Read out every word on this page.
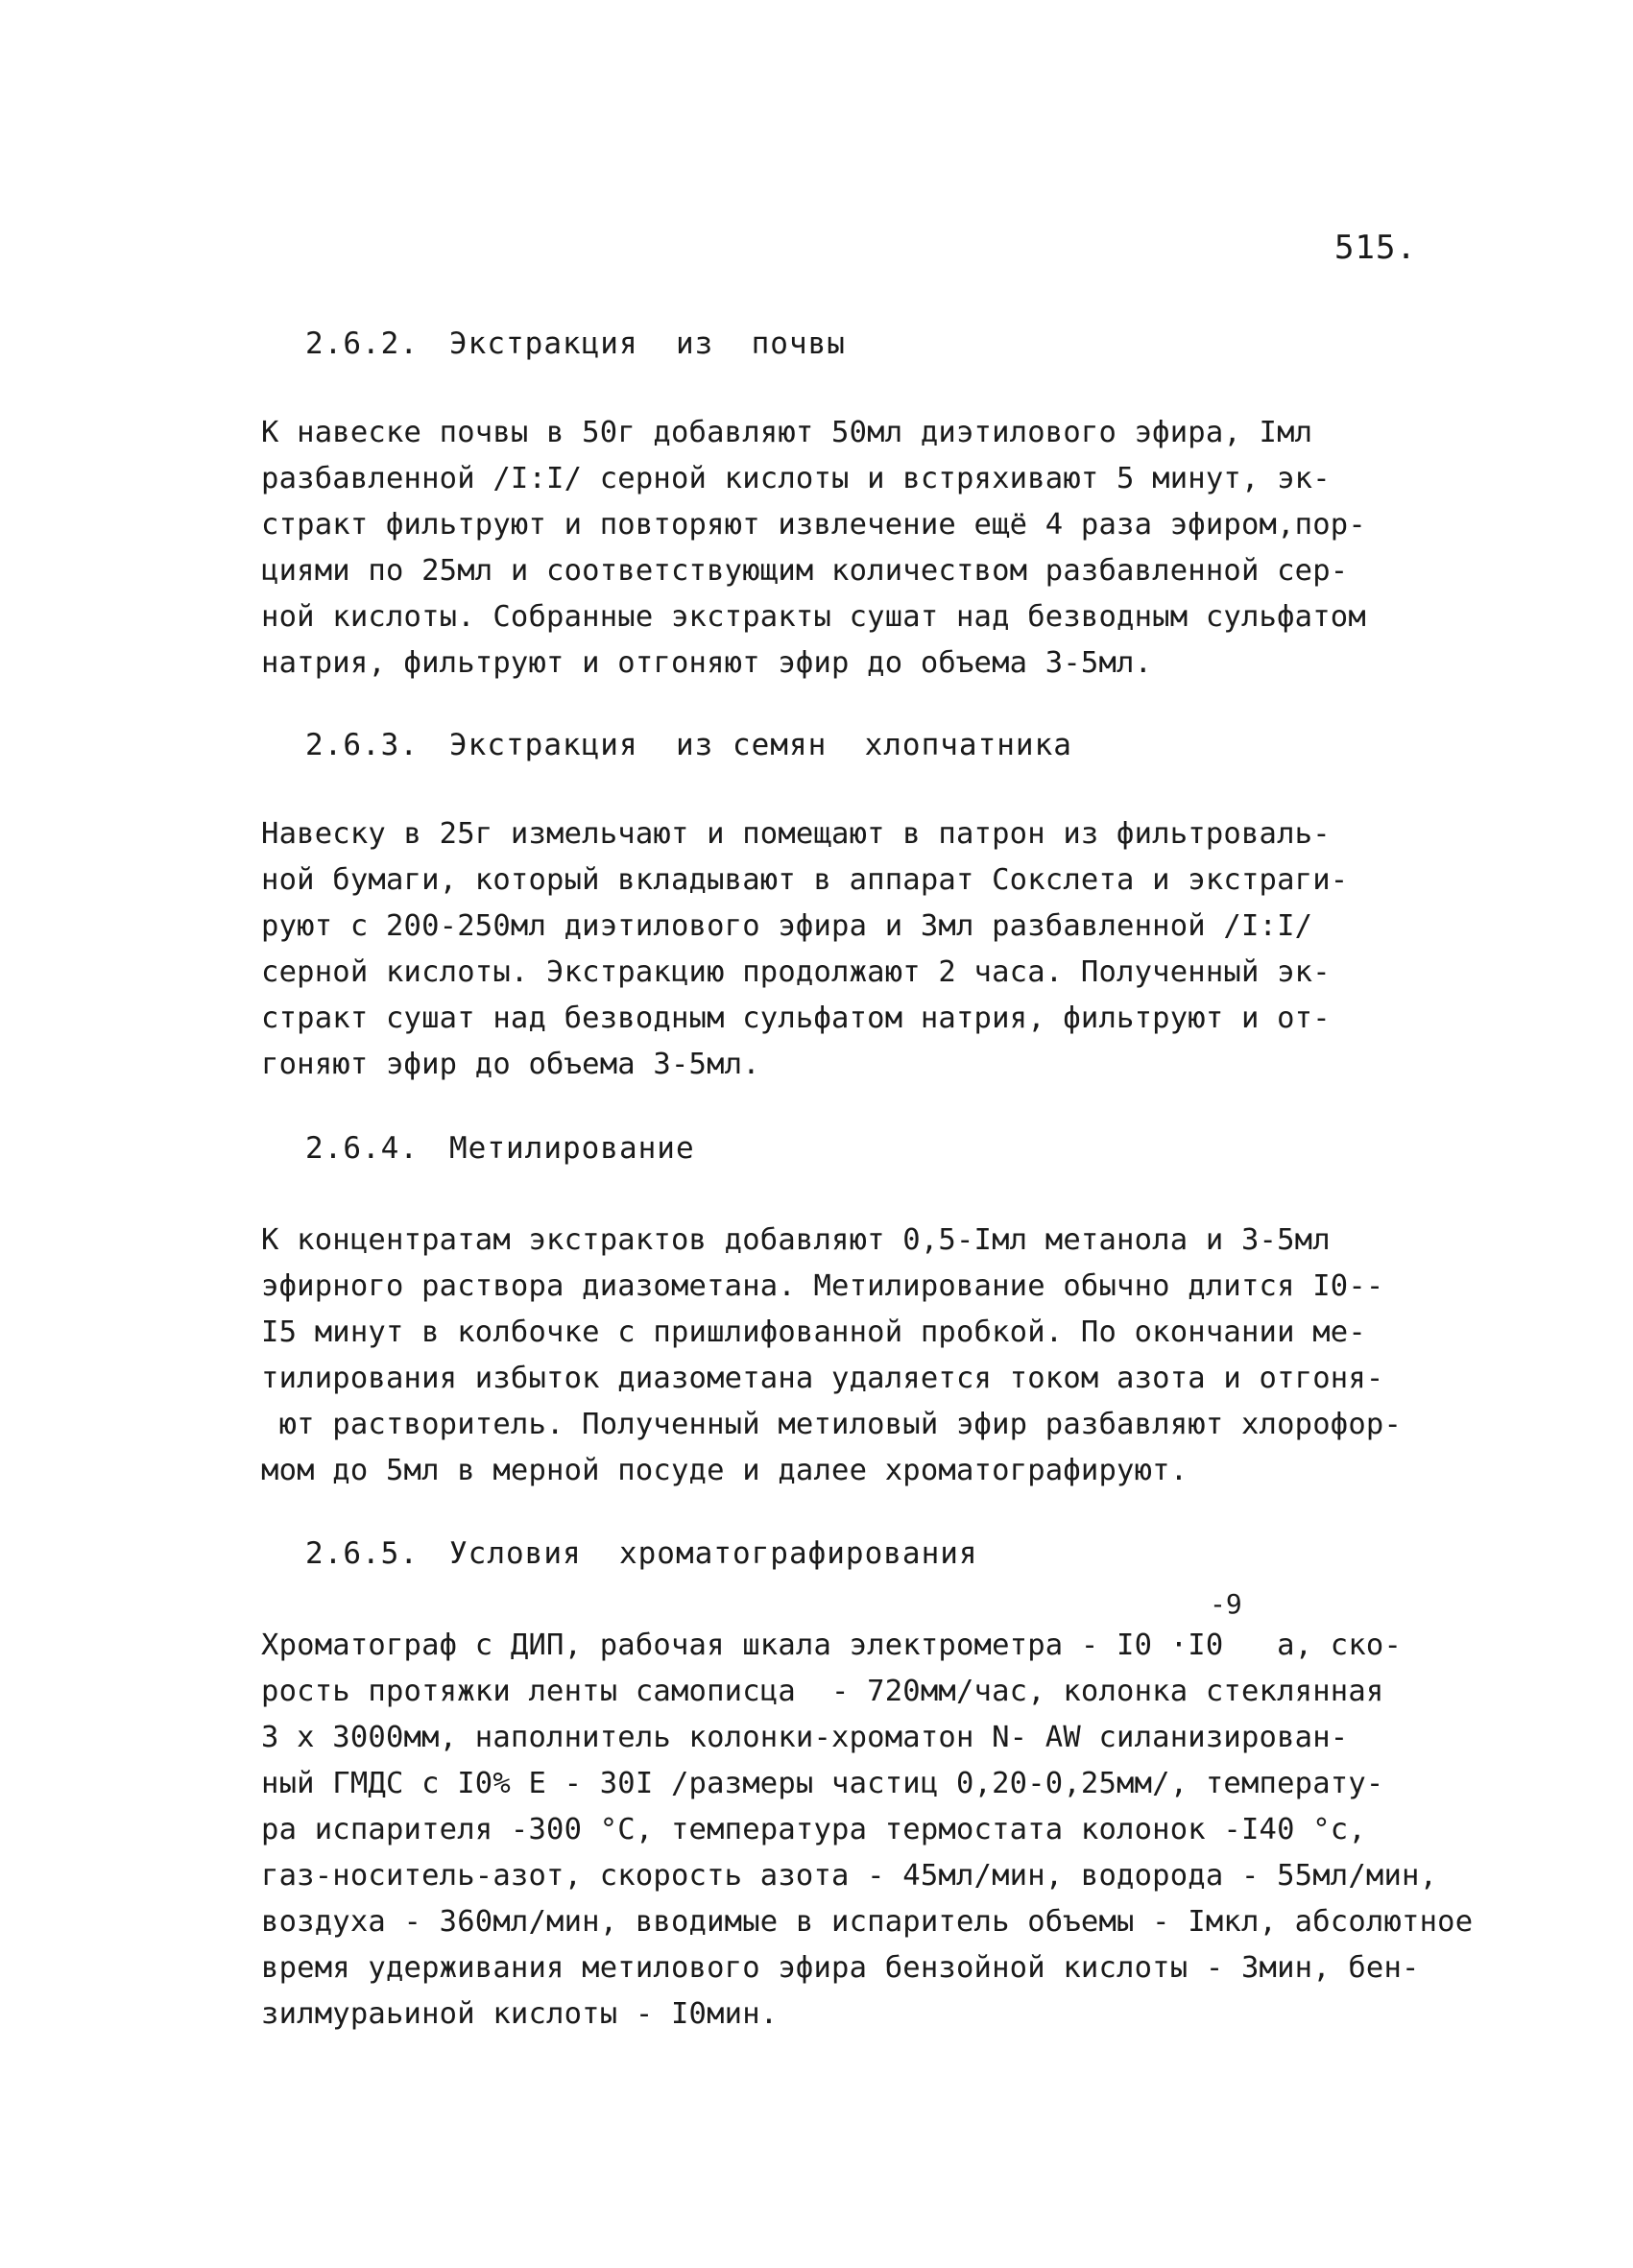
515.
2.6.2. Экстракция  из  почвы
К навеске почвы в 50г добавляют 50мл диэтилового эфира, Iмл
разбавленной /I:I/ серной кислоты и встряхивают 5 минут, эк-
стракт фильтруют и повторяют извлечение ещё 4 раза эфиром,пор-
циями по 25мл и соответствующим количеством разбавленной сер-
ной кислоты. Собранные экстракты сушат над безводным сульфатом
натрия, фильтруют и отгоняют эфир до объема 3-5мл.
2.6.3. Экстракция  из семян  хлопчатника
Навеску в 25г измельчают и помещают в патрон из фильтроваль-
ной бумаги, который вкладывают в аппарат Сокслета и экстраги-
руют с 200-250мл диэтилового эфира и 3мл разбавленной /I:I/
серной кислоты. Экстракцию продолжают 2 часа. Полученный эк-
стракт сушат над безводным сульфатом натрия, фильтруют и от-
гоняют эфир до объема 3-5мл.
2.6.4. Метилирование
К концентратам экстрактов добавляют 0,5-Iмл метанола и 3-5мл
эфирного раствора диазометана. Метилирование обычно длится I0--
I5 минут в колбочке с пришлифованной пробкой. По окончании ме-
тилирования избыток диазометана удаляется током азота и отгоня-
ют растворитель. Полученный метиловый эфир разбавляют хлорофор-
мом до 5мл в мерной посуде и далее хроматографируют.
2.6.5. Условия  хроматографирования
-9
Хроматограф с ДИП, рабочая шкала электрометра - I0 ·I0   а, ско-
рость протяжки ленты самописца  - 720мм/час, колонка стеклянная
3 x 3000мм, наполнитель колонки-хроматон N- AW силанизирован-
ный ГМДС с I0% Е - 30I /размеры частиц 0,20-0,25мм/, температу-
ра испарителя -300 °С, температура термостата колонок -I40 °с,
газ-носитель-азот, скорость азота - 45мл/мин, водорода - 55мл/мин,
воздуха - 360мл/мин, вводимые в испаритель объемы - Iмкл, абсолютное
время удерживания метилового эфира бензойной кислоты - 3мин, бен-
зилмураьиной кислоты - I0мин.
